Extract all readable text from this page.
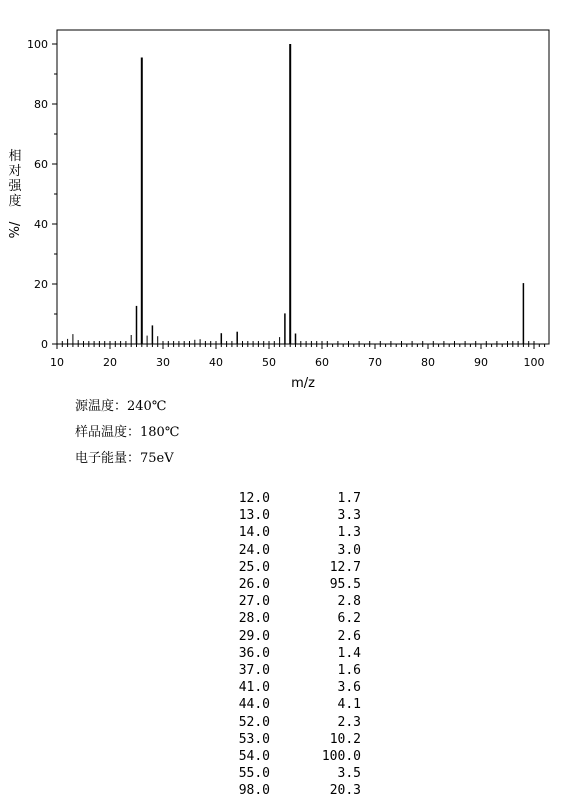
相
对
强
度
%/
m/z
10	20	30	40	50	60	70	80	90	100
0
20
40
60
80
100
源温度：240℃
样品温度：180℃
电子能量：75eV
12.0	1.7
13.0	3.3
14.0	1.3
24.0	3.0
25.0	12.7
26.0	95.5
27.0	2.8
28.0	6.2
29.0	2.6
36.0	1.4
37.0	1.6
41.0	3.6
44.0	4.1
52.0	2.3
53.0	10.2
54.0	100.0
55.0	3.5
98.0	20.3
